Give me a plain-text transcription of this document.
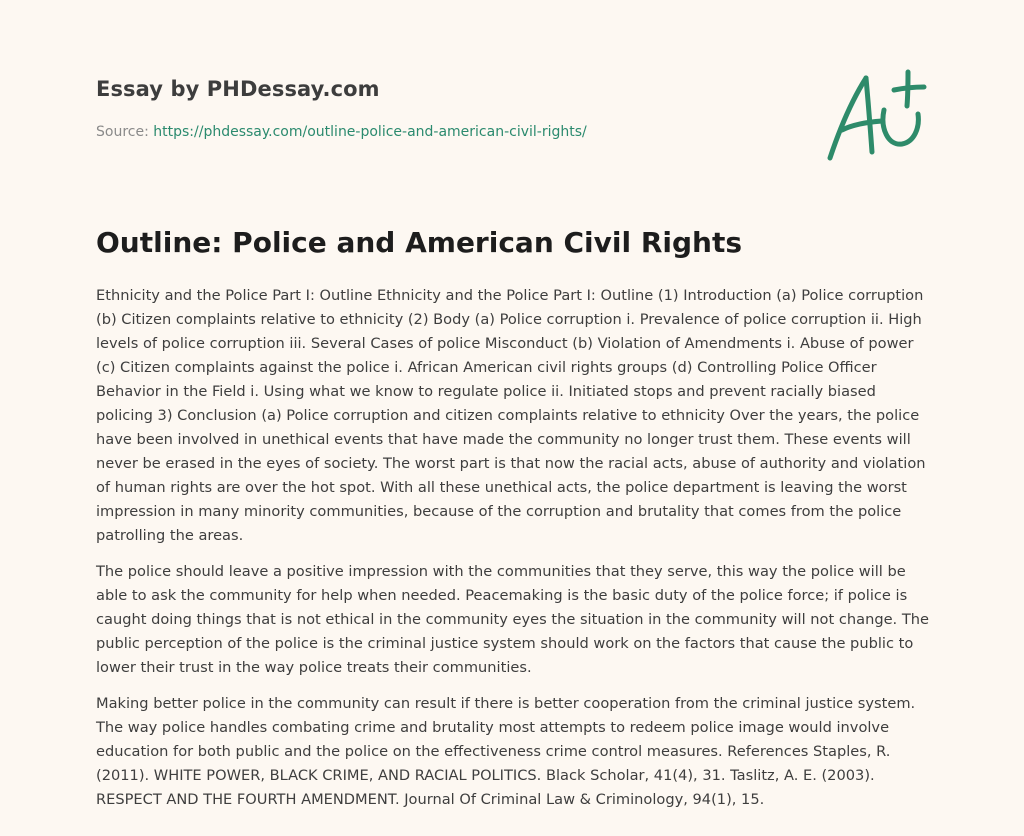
Essay by PHDessay.com

Source: https://phdessay.com/outline-police-and-american-civil-rights/

Outline: Police and American Civil Rights

Ethnicity and the Police Part I: Outline Ethnicity and the Police Part I: Outline (1) Introduction (a) Police corruption (b) Citizen complaints relative to ethnicity (2) Body (a) Police corruption i. Prevalence of police corruption ii. High levels of police corruption iii. Several Cases of police Misconduct (b) Violation of Amendments i. Abuse of power (c) Citizen complaints against the police i. African American civil rights groups (d) Controlling Police Officer Behavior in the Field i. Using what we know to regulate police ii. Initiated stops and prevent racially biased policing 3) Conclusion (a) Police corruption and citizen complaints relative to ethnicity Over the years, the police have been involved in unethical events that have made the community no longer trust them. These events will never be erased in the eyes of society. The worst part is that now the racial acts, abuse of authority and violation of human rights are over the hot spot. With all these unethical acts, the police department is leaving the worst impression in many minority communities, because of the corruption and brutality that comes from the police patrolling the areas.

The police should leave a positive impression with the communities that they serve, this way the police will be able to ask the community for help when needed. Peacemaking is the basic duty of the police force; if police is caught doing things that is not ethical in the community eyes the situation in the community will not change. The public perception of the police is the criminal justice system should work on the factors that cause the public to lower their trust in the way police treats their communities.

Making better police in the community can result if there is better cooperation from the criminal justice system. The way police handles combating crime and brutality most attempts to redeem police image would involve education for both public and the police on the effectiveness crime control measures. References Staples, R. (2011). WHITE POWER, BLACK CRIME, AND RACIAL POLITICS. Black Scholar, 41(4), 31. Taslitz, A. E. (2003). RESPECT AND THE FOURTH AMENDMENT. Journal Of Criminal Law & Criminology, 94(1), 15.
